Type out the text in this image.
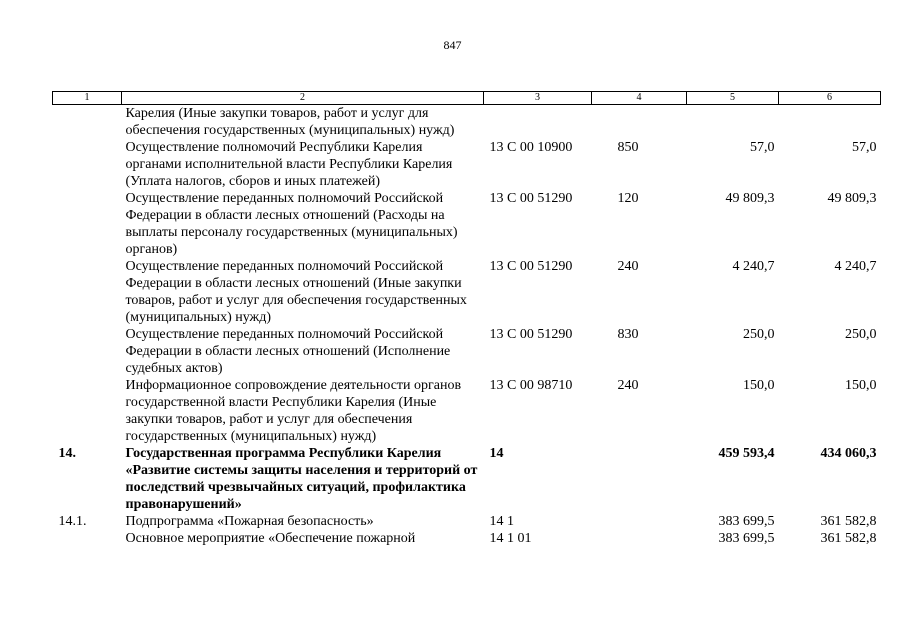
847
1	2	3	4	5	6
	Карелия (Иные закупки товаров, работ и услуг для обеспечения государственных (муниципальных) нужд)				
	Осуществление полномочий Республики Карелия органами исполнительной власти Республики Карелия (Уплата налогов, сборов и иных платежей)	13 С 00 10900	850	57,0	57,0
	Осуществление переданных полномочий Российской Федерации в области лесных отношений (Расходы на выплаты персоналу государственных (муниципальных) органов)	13 С 00 51290	120	49 809,3	49 809,3
	Осуществление переданных полномочий Российской Федерации в области лесных отношений (Иные закупки товаров, работ и услуг для обеспечения государственных (муниципальных) нужд)	13 С 00 51290	240	4 240,7	4 240,7
	Осуществление переданных полномочий Российской Федерации в области лесных отношений (Исполнение судебных актов)	13 С 00 51290	830	250,0	250,0
	Информационное сопровождение деятельности органов государственной власти Республики Карелия (Иные закупки товаров, работ и услуг для обеспечения государственных (муниципальных) нужд)	13 С 00 98710	240	150,0	150,0
14.	Государственная программа Республики Карелия «Развитие системы защиты населения и территорий от последствий чрезвычайных ситуаций, профилактика правонарушений»	14		459 593,4	434 060,3
14.1.	Подпрограмма «Пожарная безопасность»	14 1		383 699,5	361 582,8
	Основное мероприятие «Обеспечение пожарной	14 1 01		383 699,5	361 582,8
